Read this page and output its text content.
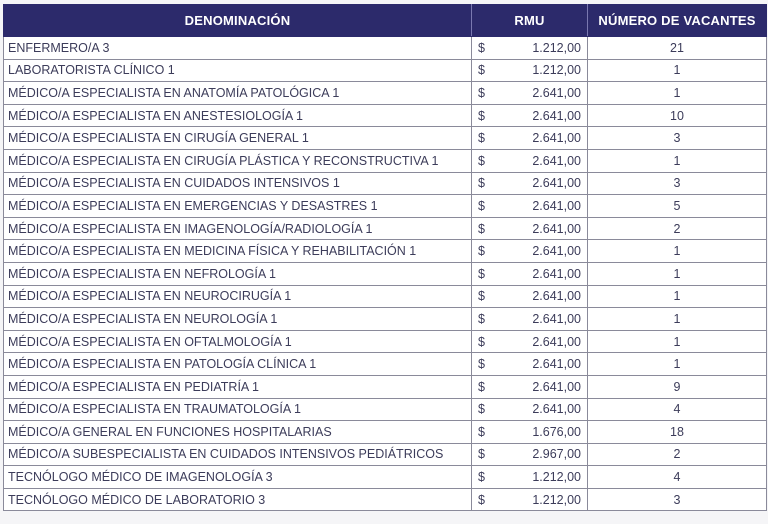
DENOMINACIÓN	RMU	NÚMERO DE VACANTES
ENFERMERO/A 3	$ 1.212,00	21
LABORATORISTA CLÍNICO 1	$ 1.212,00	1
MÉDICO/A ESPECIALISTA EN ANATOMÍA PATOLÓGICA 1	$ 2.641,00	1
MÉDICO/A ESPECIALISTA EN ANESTESIOLOGÍA 1	$ 2.641,00	10
MÉDICO/A ESPECIALISTA EN CIRUGÍA GENERAL 1	$ 2.641,00	3
MÉDICO/A ESPECIALISTA EN CIRUGÍA PLÁSTICA Y RECONSTRUCTIVA 1	$ 2.641,00	1
MÉDICO/A ESPECIALISTA EN CUIDADOS INTENSIVOS 1	$ 2.641,00	3
MÉDICO/A ESPECIALISTA EN EMERGENCIAS Y DESASTRES 1	$ 2.641,00	5
MÉDICO/A ESPECIALISTA EN IMAGENOLOGÍA/RADIOLOGÍA 1	$ 2.641,00	2
MÉDICO/A ESPECIALISTA EN MEDICINA FÍSICA Y REHABILITACIÓN 1	$ 2.641,00	1
MÉDICO/A ESPECIALISTA EN NEFROLOGÍA 1	$ 2.641,00	1
MÉDICO/A ESPECIALISTA EN NEUROCIRUGÍA 1	$ 2.641,00	1
MÉDICO/A ESPECIALISTA EN NEUROLOGÍA 1	$ 2.641,00	1
MÉDICO/A ESPECIALISTA EN OFTALMOLOGÍA 1	$ 2.641,00	1
MÉDICO/A ESPECIALISTA EN PATOLOGÍA CLÍNICA 1	$ 2.641,00	1
MÉDICO/A ESPECIALISTA EN PEDIATRÍA 1	$ 2.641,00	9
MÉDICO/A ESPECIALISTA EN TRAUMATOLOGÍA 1	$ 2.641,00	4
MÉDICO/A GENERAL EN FUNCIONES HOSPITALARIAS	$ 1.676,00	18
MÉDICO/A SUBESPECIALISTA EN CUIDADOS INTENSIVOS PEDIÁTRICOS	$ 2.967,00	2
TECNÓLOGO MÉDICO DE IMAGENOLOGÍA 3	$ 1.212,00	4
TECNÓLOGO MÉDICO DE LABORATORIO 3	$ 1.212,00	3
